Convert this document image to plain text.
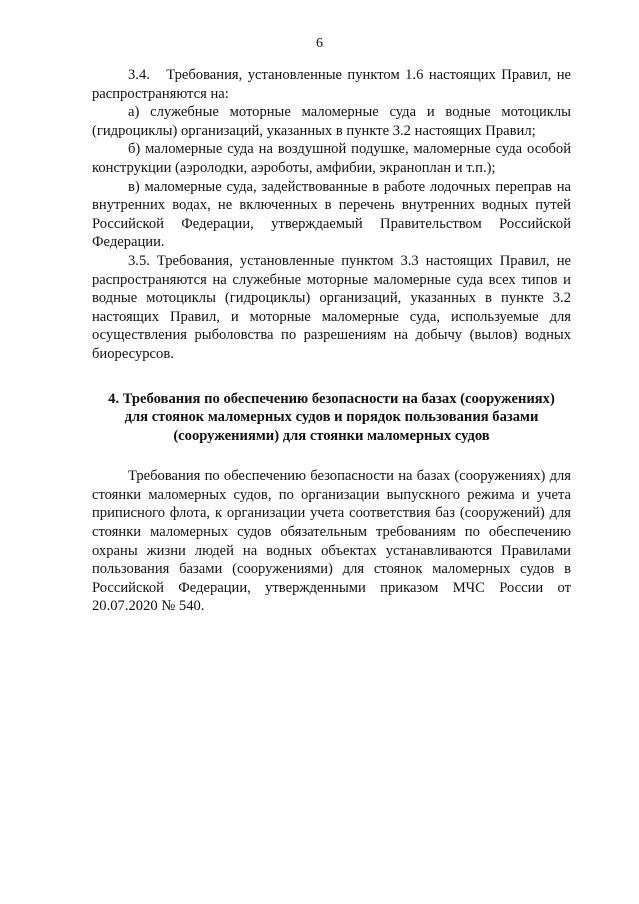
6

3.4.   Требования, установленные пунктом 1.6 настоящих Правил, не распространяются на:

а) служебные моторные маломерные суда и водные мотоциклы (гидроциклы) организаций, указанных в пункте 3.2 настоящих Правил;

б) маломерные суда на воздушной подушке, маломерные суда особой конструкции (аэролодки, аэроботы, амфибии, экраноплан и т.п.);

в) маломерные суда, задействованные в работе лодочных переправ на внутренних водах, не включенных в перечень внутренних водных путей Российской Федерации, утверждаемый Правительством Российской Федерации.

3.5. Требования, установленные пунктом 3.3 настоящих Правил, не распространяются на служебные моторные маломерные суда всех типов и водные мотоциклы (гидроциклы) организаций, указанных в пункте 3.2 настоящих Правил, и моторные маломерные суда, используемые для осуществления рыболовства по разрешениям на добычу (вылов) водных биоресурсов.

4. Требования по обеспечению безопасности на базах (сооружениях)
для стоянок маломерных судов и порядок пользования базами
(сооружениями) для стоянки маломерных судов

Требования по обеспечению безопасности на базах (сооружениях) для стоянки маломерных судов, по организации выпускного режима и учета приписного флота, к организации учета соответствия баз (сооружений) для стоянки маломерных судов обязательным требованиям по обеспечению охраны жизни людей на водных объектах устанавливаются Правилами пользования базами (сооружениями) для стоянок маломерных судов в Российской Федерации, утвержденными приказом МЧС России от 20.07.2020 № 540.
